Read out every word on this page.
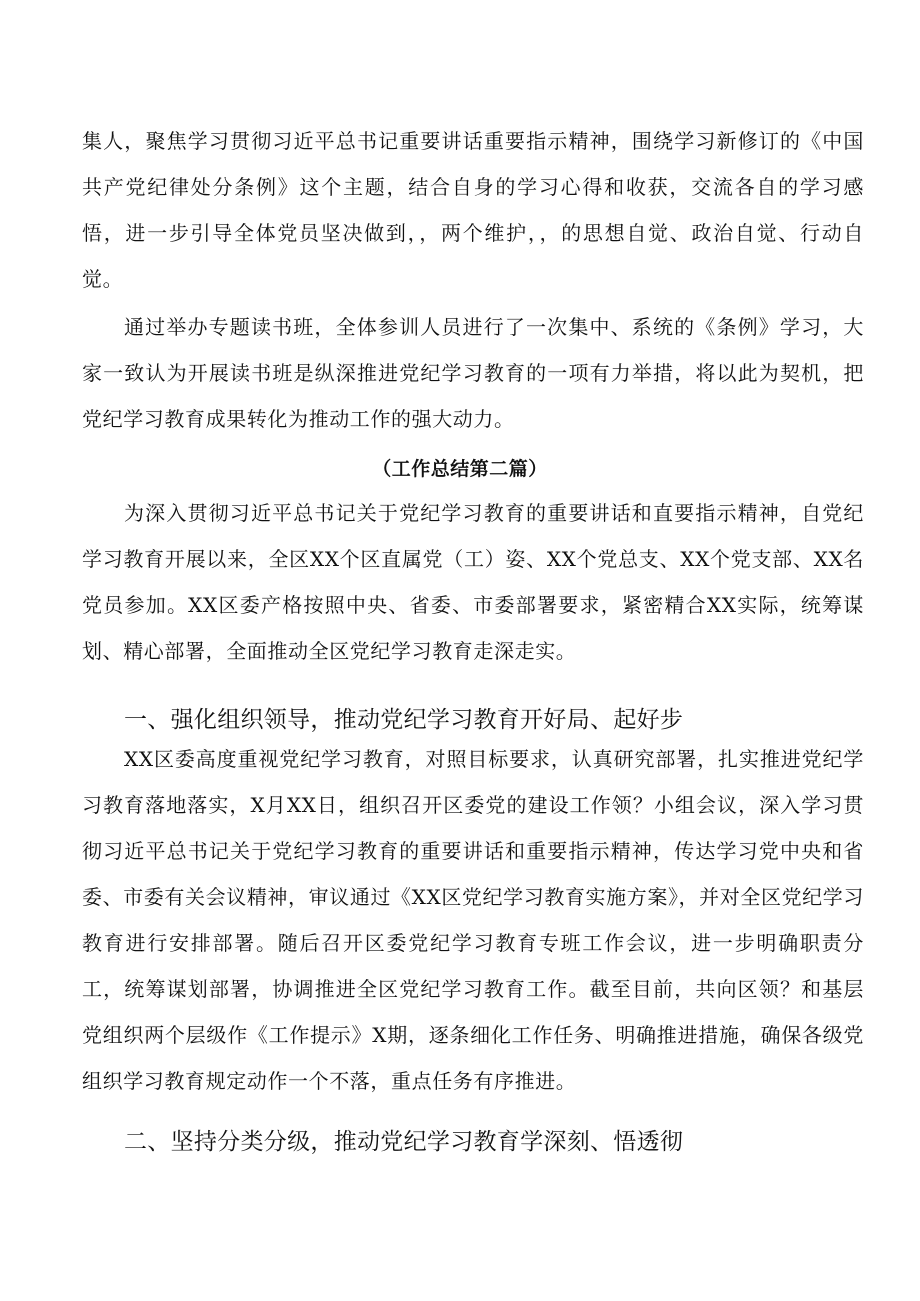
集人，聚焦学习贯彻习近平总书记重要讲话重要指示精神，围绕学习新修订的《中国共产党纪律处分条例》这个主题，结合自身的学习心得和收获，交流各自的学习感悟，进一步引导全体党员坚决做到，，两个维护，，的思想自觉、政治自觉、行动自觉。

通过举办专题读书班，全体参训人员进行了一次集中、系统的《条例》学习，大家一致认为开展读书班是纵深推进党纪学习教育的一项有力举措，将以此为契机，把党纪学习教育成果转化为推动工作的强大动力。

（工作总结第二篇）

为深入贯彻习近平总书记关于党纪学习教育的重要讲话和直要指示精神，自党纪学习教育开展以来，全区XX个区直属党（工）姿、XX个党总支、XX个党支部、XX名党员参加。XX区委产格按照中央、省委、市委部署要求，紧密精合XX实际，统筹谋划、精心部署，全面推动全区党纪学习教育走深走实。

一、强化组织领导，推动党纪学习教育开好局、起好步

XX区委高度重视党纪学习教育，对照目标要求，认真研究部署，扎实推进党纪学习教育落地落实，X月XX日，组织召开区委党的建设工作领？小组会议，深入学习贯彻习近平总书记关于党纪学习教育的重要讲话和重要指示精神，传达学习党中央和省委、市委有关会议精神，审议通过《XX区党纪学习教育实施方案》，并对全区党纪学习教育进行安排部署。随后召开区委党纪学习教育专班工作会议，进一步明确职责分工，统筹谋划部署，协调推进全区党纪学习教育工作。截至目前，共向区领？和基层党组织两个层级作《工作提示》X期，逐条细化工作任务、明确推进措施，确保各级党组织学习教育规定动作一个不落，重点任务有序推进。

二、坚持分类分级，推动党纪学习教育学深刻、悟透彻
